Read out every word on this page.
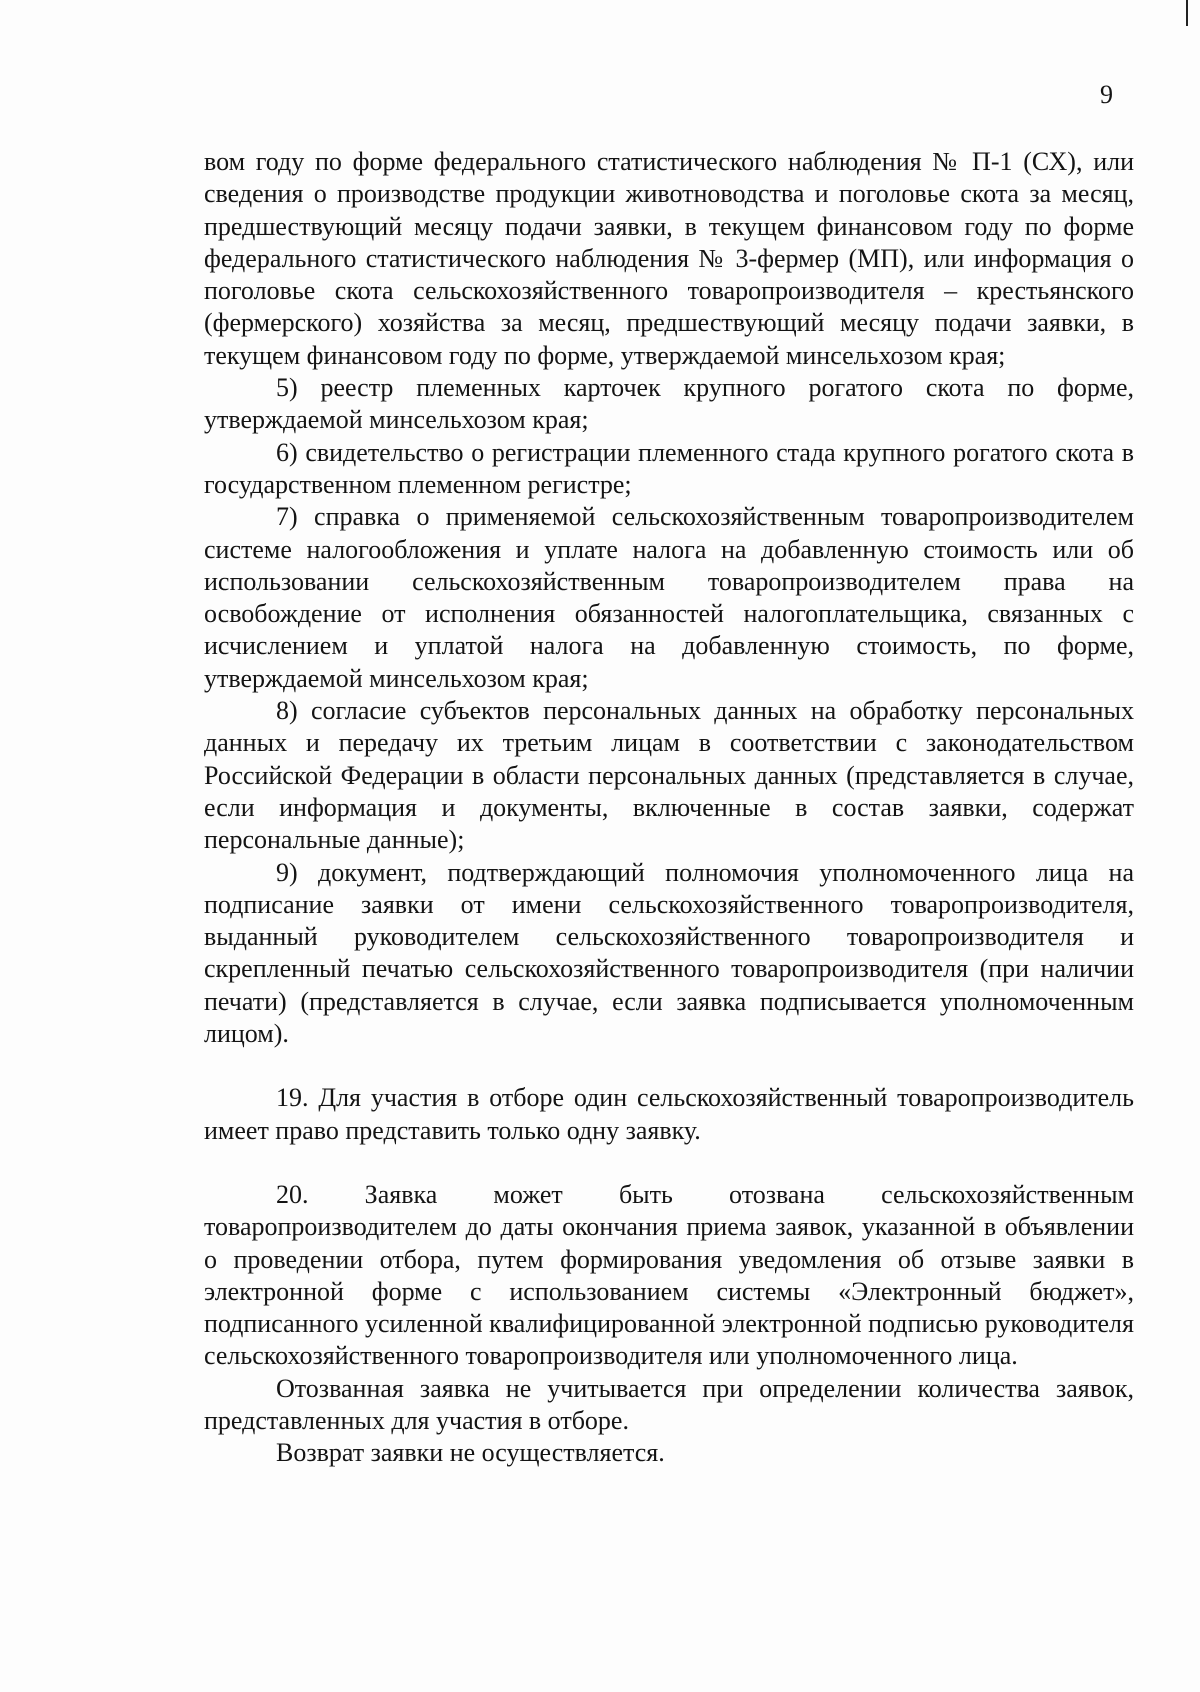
9

вом году по форме федерального статистического наблюдения № П-1 (СХ), или сведения о производстве продукции животноводства и поголовье скота за месяц, предшествующий месяцу подачи заявки, в текущем финансовом году по форме федерального статистического наблюдения № 3-фермер (МП), или информация о поголовье скота сельскохозяйственного товаропроизводителя – крестьянского (фермерского) хозяйства за месяц, предшествующий месяцу подачи заявки, в текущем финансовом году по форме, утверждаемой минсельхозом края;

5) реестр племенных карточек крупного рогатого скота по форме, утверждаемой минсельхозом края;

6) свидетельство о регистрации племенного стада крупного рогатого скота в государственном племенном регистре;

7) справка о применяемой сельскохозяйственным товаропроизводителем системе налогообложения и уплате налога на добавленную стоимость или об использовании сельскохозяйственным товаропроизводителем права на освобождение от исполнения обязанностей налогоплательщика, связанных с исчислением и уплатой налога на добавленную стоимость, по форме, утверждаемой минсельхозом края;

8) согласие субъектов персональных данных на обработку персональных данных и передачу их третьим лицам в соответствии с законодательством Российской Федерации в области персональных данных (представляется в случае, если информация и документы, включенные в состав заявки, содержат персональные данные);

9) документ, подтверждающий полномочия уполномоченного лица на подписание заявки от имени сельскохозяйственного товаропроизводителя, выданный руководителем сельскохозяйственного товаропроизводителя и скрепленный печатью сельскохозяйственного товаропроизводителя (при наличии печати) (представляется в случае, если заявка подписывается уполномоченным лицом).

19. Для участия в отборе один сельскохозяйственный товаропроизводитель имеет право представить только одну заявку.

20. Заявка может быть отозвана сельскохозяйственным товаропроизводителем до даты окончания приема заявок, указанной в объявлении о проведении отбора, путем формирования уведомления об отзыве заявки в электронной форме с использованием системы «Электронный бюджет», подписанного усиленной квалифицированной электронной подписью руководителя сельскохозяйственного товаропроизводителя или уполномоченного лица.

Отозванная заявка не учитывается при определении количества заявок, представленных для участия в отборе.

Возврат заявки не осуществляется.
